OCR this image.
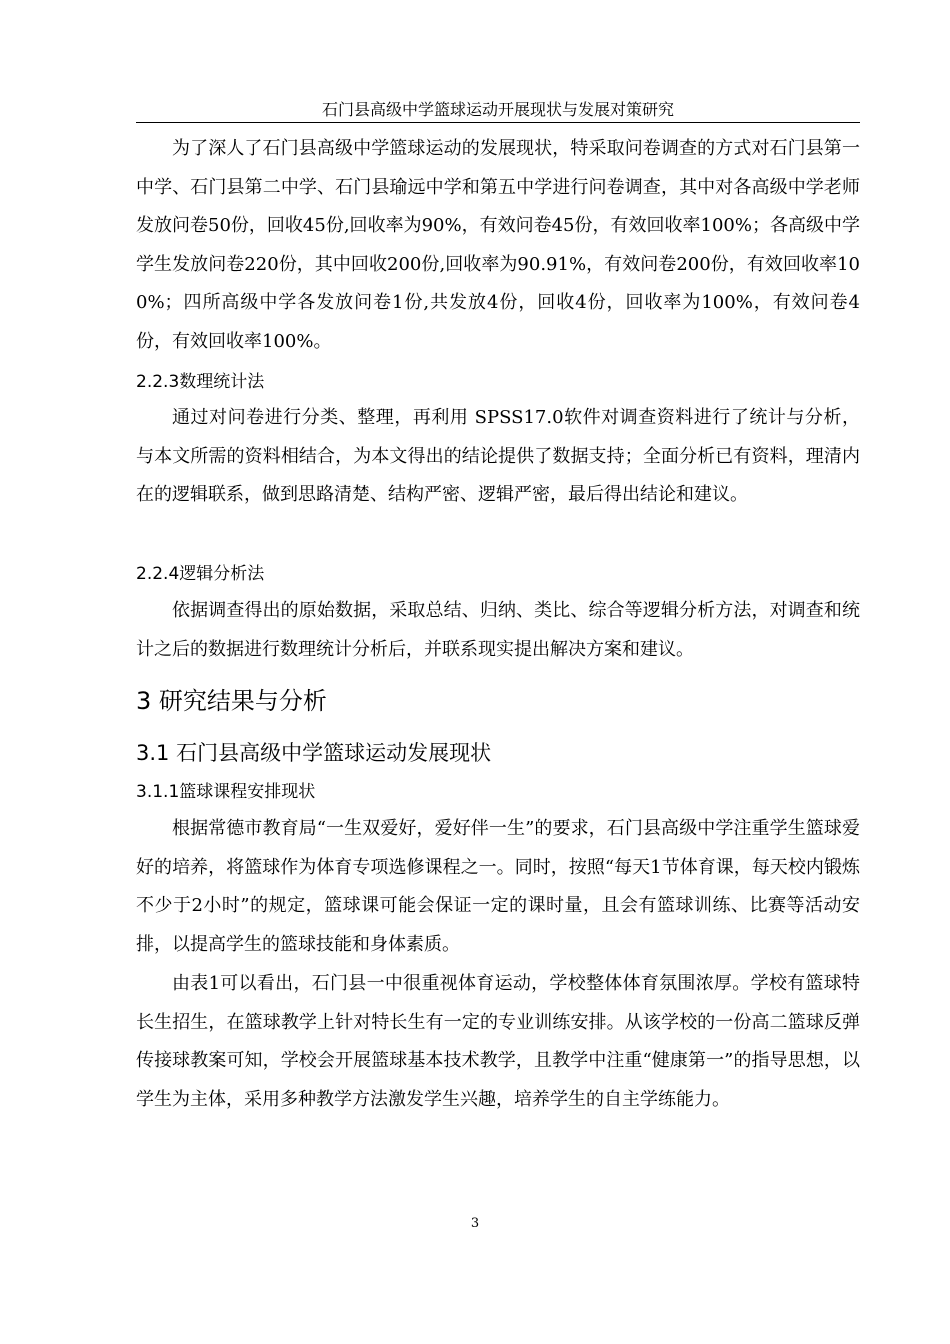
石门县高级中学篮球运动开展现状与发展对策研究

为了深人了石门县高级中学篮球运动的发展现状，特采取问卷调查的方式对石门县第一中学、石门县第二中学、石门县瑜远中学和第五中学进行问卷调查，其中对各高级中学老师发放问卷50份，回收45份,回收率为90%，有效问卷45份，有效回收率100%；各高级中学学生发放问卷220份，其中回收200份,回收率为90.91%，有效问卷200份，有效回收率100%；四所高级中学各发放问卷1份,共发放4份，回收4份，回收率为100%，有效问卷4份，有效回收率100%。

2.2.3数理统计法

通过对问卷进行分类、整理，再利用 SPSS17.0软件对调查资料进行了统计与分析，与本文所需的资料相结合，为本文得出的结论提供了数据支持；全面分析已有资料，理清内在的逻辑联系，做到思路清楚、结构严密、逻辑严密，最后得出结论和建议。

2.2.4逻辑分析法

依据调查得出的原始数据，采取总结、归纳、类比、综合等逻辑分析方法，对调查和统计之后的数据进行数理统计分析后，并联系现实提出解决方案和建议。

3 研究结果与分析

3.1 石门县高级中学篮球运动发展现状

3.1.1篮球课程安排现状

根据常德市教育局“一生双爱好，爱好伴一生”的要求，石门县高级中学注重学生篮球爱好的培养，将篮球作为体育专项选修课程之一。同时，按照“每天1节体育课，每天校内锻炼不少于2小时”的规定，篮球课可能会保证一定的课时量，且会有篮球训练、比赛等活动安排，以提高学生的篮球技能和身体素质。

由表1可以看出，石门县一中很重视体育运动，学校整体体育氛围浓厚。学校有篮球特长生招生，在篮球教学上针对特长生有一定的专业训练安排。从该学校的一份高二篮球反弹传接球教案可知，学校会开展篮球基本技术教学，且教学中注重“健康第一”的指导思想，以学生为主体，采用多种教学方法激发学生兴趣，培养学生的自主学练能力。

3
